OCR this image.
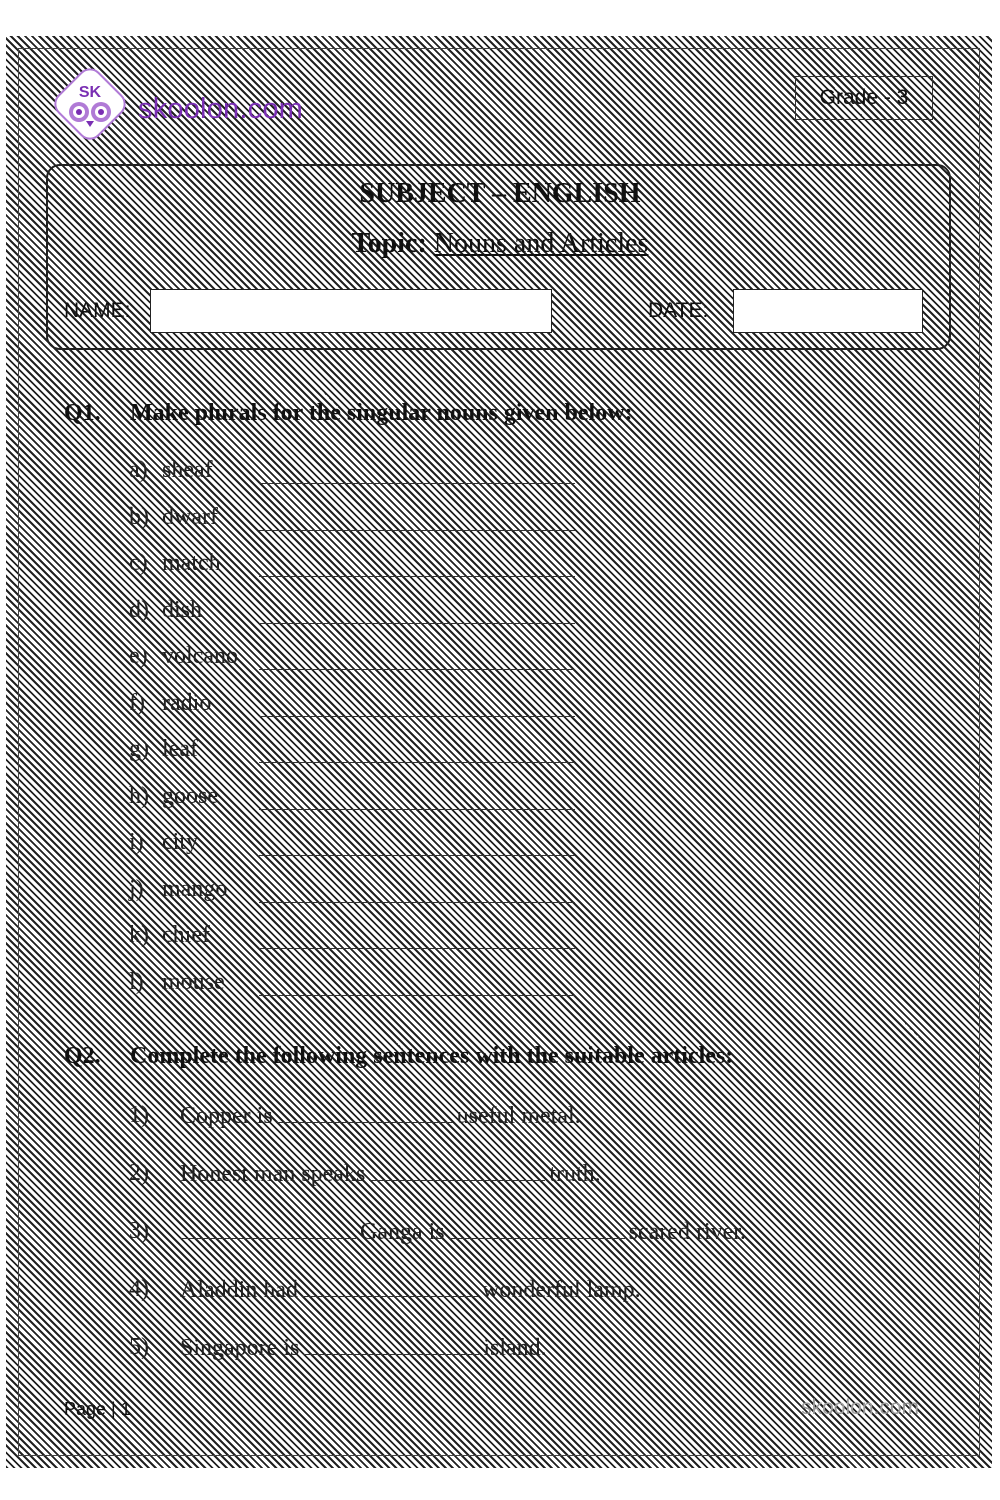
SK
skoolon.com	Grade - 3
SUBJECT – ENGLISH
Topic: Nouns and Articles
NAME:	DATE:
Q1. Make plurals for the singular nouns given below:
a) sheaf
b) dwarf
c) match
d) dish
e) volcano
f) radio
g) leaf
h) goose
i) city
j) mango
k) chief
l) mouse
Q2. Complete the following sentences with the suitable articles:
1) Copper is	useful metal.
2) Honest man speaks	truth.
3)	Ganga is	scared river.
4) Aladdin had	wonderful lamp.
5) Singapore is	island.
Page | 1	skoolon.com
